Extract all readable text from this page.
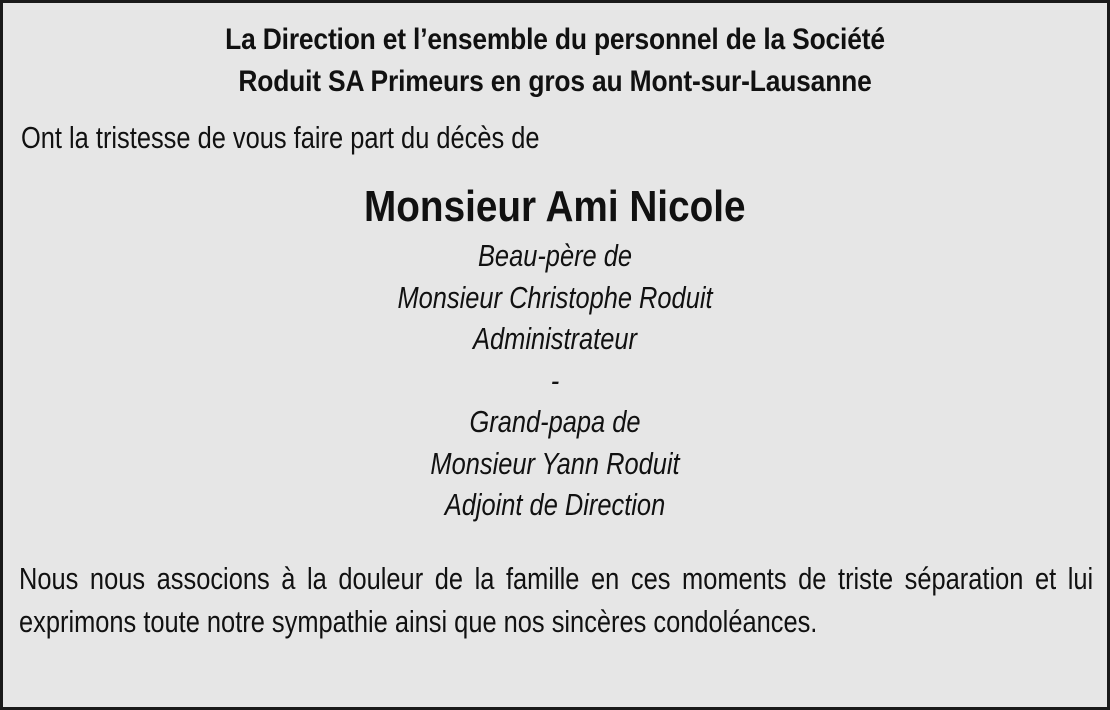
La Direction et l’ensemble du personnel de la Société
Roduit SA Primeurs en gros au Mont-sur-Lausanne
Ont la tristesse de vous faire part du décès de
Monsieur Ami Nicole
Beau-père de
Monsieur Christophe Roduit
Administrateur
-
Grand-papa de
Monsieur Yann Roduit
Adjoint de Direction
Nous nous associons à la douleur de la famille en ces moments de triste séparation et lui exprimons toute notre sympathie ainsi que nos sincères condoléances.
